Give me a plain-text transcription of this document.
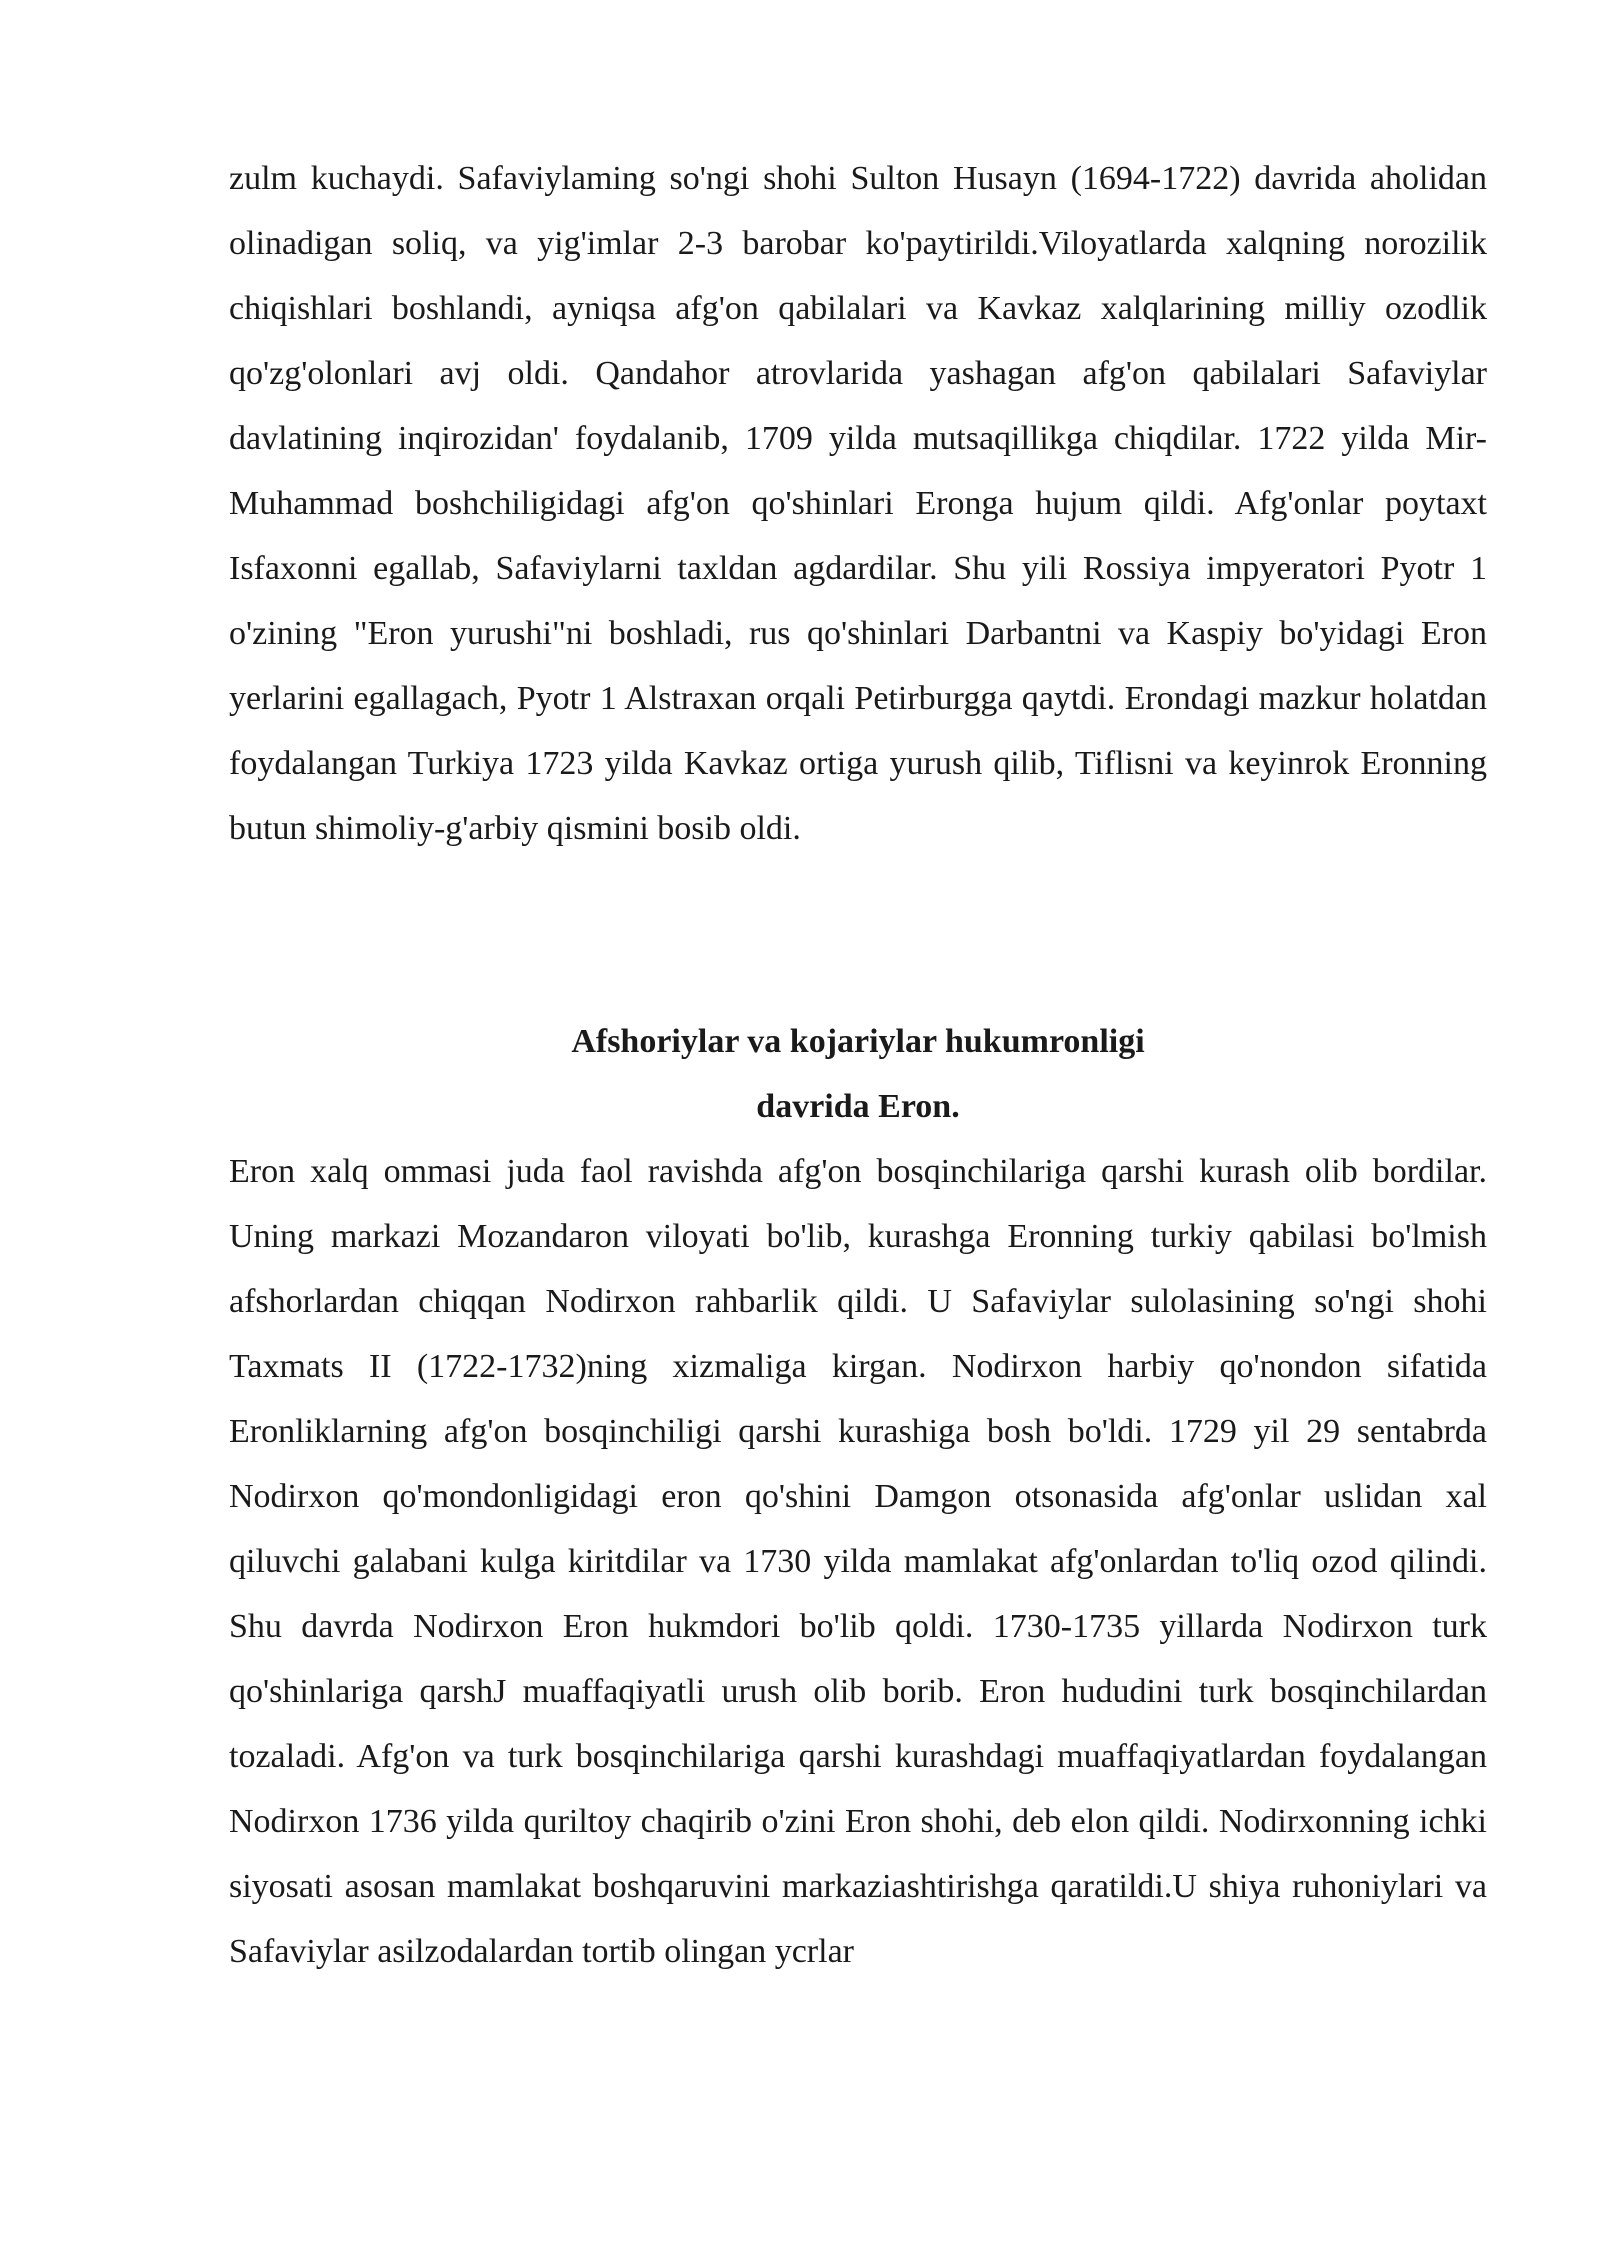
zulm kuchaydi. Safaviylaming so'ngi shohi Sulton Husayn (1694-1722) davrida aholidan olinadigan soliq, va yig'imlar 2-3 barobar ko'paytirildi.Viloyatlarda xalqning norozilik chiqishlari boshlandi, ayniqsa afg'on qabilalari va Kavkaz xalqlarining milliy ozodlik qo'zg'olonlari avj oldi. Qandahor atrovlarida yashagan afg'on qabilalari Safaviylar davlatining inqirozidan' foydalanib, 1709 yilda mutsaqillikga chiqdilar. 1722 yilda Mir-Muhammad boshchiligidagi afg'on qo'shinlari Eronga hujum qildi. Afg'onlar poytaxt Isfaxonni egallab, Safaviylarni taxldan agdardilar. Shu yili Rossiya impyeratori Pyotr 1 o'zining "Eron yurushi"ni boshladi, rus qo'shinlari Darbantni va Kaspiy bo'yidagi Eron yerlarini egallagach, Pyotr 1 Alstraxan orqali Petirburgga qaytdi. Erondagi mazkur holatdan foydalangan Turkiya 1723 yilda Kavkaz ortiga yurush qilib, Tiflisni va keyinrok Eronning butun shimoliy-g'arbiy qismini bosib oldi.

Afshoriylar va kojariylar hukumronligi
davrida Eron.

Eron xalq ommasi juda faol ravishda afg'on bosqinchilariga qarshi kurash olib bordilar. Uning markazi Mozandaron viloyati bo'lib, kurashga Eronning turkiy qabilasi bo'lmish afshorlardan chiqqan Nodirxon rahbarlik qildi. U Safaviylar sulolasining so'ngi shohi Taxmats II (1722-1732)ning xizmaliga kirgan. Nodirxon harbiy qo'nondon sifatida Eronliklarning afg'on bosqinchiligi qarshi kurashiga bosh bo'ldi. 1729 yil 29 sentabrda Nodirxon qo'mondonligidagi eron qo'shini Damgon otsonasida afg'onlar uslidan xal qiluvchi galabani kulga kiritdilar va 1730 yilda mamlakat afg'onlardan to'liq ozod qilindi. Shu davrda Nodirxon Eron hukmdori bo'lib qoldi. 1730-1735 yillarda Nodirxon turk qo'shinlariga qarshJ muaffaqiyatli urush olib borib. Eron hududini turk bosqinchilardan tozaladi. Afg'on va turk bosqinchilariga qarshi kurashdagi muaffaqiyatlardan foydalangan Nodirxon 1736 yilda quriltoy chaqirib o'zini Eron shohi, deb elon qildi. Nodirxonning ichki siyosati asosan mamlakat boshqaruvini markaziashtirishga qaratildi.U shiya ruhoniylari va Safaviylar asilzodalardan tortib olingan ycrlar
